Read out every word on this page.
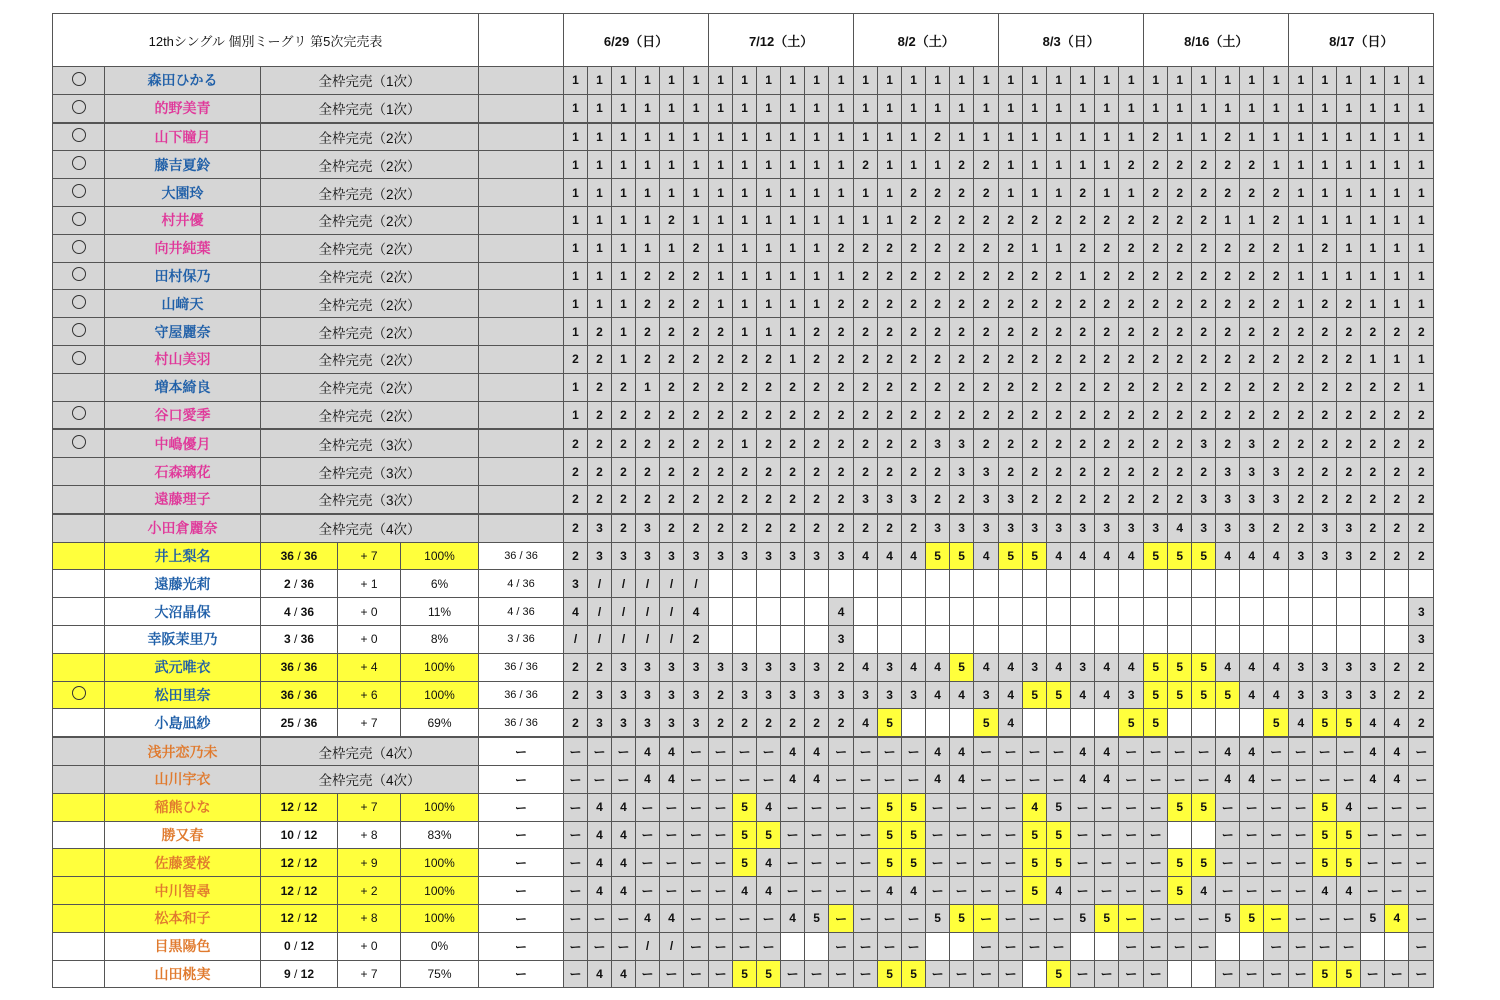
12thシングル 個別ミーグリ 第5次完売表						6/29（日）						7/12（土）						8/2（土）						8/3（日）						8/16（土）						8/17（日）						
	森田ひかる	全枠完売（1次）				1	1	1	1	1	1	1	1	1	1	1	1	1	1	1	1	1	1	1	1	1	1	1	1	1	1	1	1	1	1	1	1	1	1	1	1	
	的野美青	全枠完売（1次）				1	1	1	1	1	1	1	1	1	1	1	1	1	1	1	1	1	1	1	1	1	1	1	1	1	1	1	1	1	1	1	1	1	1	1	1	
	山下瞳月	全枠完売（2次）				1	1	1	1	1	1	1	1	1	1	1	1	1	1	1	2	1	1	1	1	1	1	1	1	2	1	1	2	1	1	1	1	1	1	1	1	
	藤吉夏鈴	全枠完売（2次）				1	1	1	1	1	1	1	1	1	1	1	1	2	1	1	1	2	2	1	1	1	1	1	2	2	2	2	2	2	1	1	1	1	1	1	1	
	大園玲	全枠完売（2次）				1	1	1	1	1	1	1	1	1	1	1	1	1	1	2	2	2	2	1	1	1	2	1	1	2	2	2	2	2	2	1	1	1	1	1	1	
	村井優	全枠完売（2次）				1	1	1	1	2	1	1	1	1	1	1	1	1	1	2	2	2	2	2	2	2	2	2	2	2	2	2	1	1	2	1	1	1	1	1	1	
	向井純葉	全枠完売（2次）				1	1	1	1	1	2	1	1	1	1	1	2	2	2	2	2	2	2	2	1	1	2	2	2	2	2	2	2	2	2	1	2	1	1	1	1	
	田村保乃	全枠完売（2次）				1	1	1	2	2	2	1	1	1	1	1	1	2	2	2	2	2	2	2	2	2	1	2	2	2	2	2	2	2	2	1	1	1	1	1	1	
	山﨑天	全枠完売（2次）				1	1	1	2	2	2	1	1	1	1	1	2	2	2	2	2	2	2	2	2	2	2	2	2	2	2	2	2	2	2	1	2	2	1	1	1	
	守屋麗奈	全枠完売（2次）				1	2	1	2	2	2	2	1	1	1	2	2	2	2	2	2	2	2	2	2	2	2	2	2	2	2	2	2	2	2	2	2	2	2	2	2	
	村山美羽	全枠完売（2次）				2	2	1	2	2	2	2	2	2	1	2	2	2	2	2	2	2	2	2	2	2	2	2	2	2	2	2	2	2	2	2	2	2	1	1	1	
	増本綺良	全枠完売（2次）				1	2	2	1	2	2	2	2	2	2	2	2	2	2	2	2	2	2	2	2	2	2	2	2	2	2	2	2	2	2	2	2	2	2	2	1	
	谷口愛季	全枠完売（2次）				1	2	2	2	2	2	2	2	2	2	2	2	2	2	2	2	2	2	2	2	2	2	2	2	2	2	2	2	2	2	2	2	2	2	2	2	
	中嶋優月	全枠完売（3次）				2	2	2	2	2	2	2	1	2	2	2	2	2	2	2	3	3	2	2	2	2	2	2	2	2	2	3	2	3	2	2	2	2	2	2	2	
	石森璃花	全枠完売（3次）				2	2	2	2	2	2	2	2	2	2	2	2	2	2	2	2	3	3	2	2	2	2	2	2	2	2	2	3	3	3	2	2	2	2	2	2	
	遠藤理子	全枠完売（3次）				2	2	2	2	2	2	2	2	2	2	2	2	3	3	3	2	2	3	3	2	2	2	2	2	2	2	3	3	3	3	2	2	2	2	2	2	
	小田倉麗奈	全枠完売（4次）				2	3	2	3	2	2	2	2	2	2	2	2	2	2	2	3	3	3	3	3	3	3	3	3	3	4	3	3	3	2	2	3	3	2	2	2	
	井上梨名	36 / 36	+ 7	100%	36 / 36	2	3	3	3	3	3	3	3	3	3	3	3	4	4	4	5	5	4	5	5	4	4	4	4	5	5	5	4	4	4	3	3	3	2	2	2	
	遠藤光莉	2 / 36	+ 1	6%	4 / 36	3	/	/	/	/	/																															
	大沼晶保	4 / 36	+ 0	11%	4 / 36	4	/	/	/	/	4						4																								3	
	幸阪茉里乃	3 / 36	+ 0	8%	3 / 36	/	/	/	/	/	2						3																								3	
	武元唯衣	36 / 36	+ 4	100%	36 / 36	2	2	3	3	3	3	3	3	3	3	3	2	4	3	4	4	5	4	4	3	4	3	4	4	5	5	5	4	4	4	3	3	3	3	2	2	
	松田里奈	36 / 36	+ 6	100%	36 / 36	2	3	3	3	3	3	2	3	3	3	3	3	3	3	3	4	4	3	4	5	5	4	4	3	5	5	5	5	4	4	3	3	3	3	2	2	
	小島凪紗	25 / 36	+ 7	69%	36 / 36	2	3	3	3	3	3	2	2	2	2	2	2	4	5				5	4					5	5					5	4	5	5	4	4	2	
	浅井恋乃未	全枠完売（4次）			ー	ー	ー	ー	4	4	ー	ー	ー	ー	4	4	ー	ー	ー	ー	4	4	ー	ー	ー	ー	4	4	ー	ー	ー	ー	4	4	ー	ー	ー	ー	4	4	ー	
	山川宇衣	全枠完売（4次）			ー	ー	ー	ー	4	4	ー	ー	ー	ー	4	4	ー	ー	ー	ー	4	4	ー	ー	ー	ー	4	4	ー	ー	ー	ー	4	4	ー	ー	ー	ー	4	4	ー	
	稲熊ひな	12 / 12	+ 7	100%	ー	ー	4	4	ー	ー	ー	ー	5	4	ー	ー	ー	ー	5	5	ー	ー	ー	ー	4	5	ー	ー	ー	ー	5	5	ー	ー	ー	ー	5	4	ー	ー	ー	
	勝又春	10 / 12	+ 8	83%	ー	ー	4	4	ー	ー	ー	ー	5	5	ー	ー	ー	ー	5	5	ー	ー	ー	ー	5	5	ー	ー	ー	ー			ー	ー	ー	ー	5	5	ー	ー	ー	
	佐藤愛桜	12 / 12	+ 9	100%	ー	ー	4	4	ー	ー	ー	ー	5	4	ー	ー	ー	ー	5	5	ー	ー	ー	ー	5	5	ー	ー	ー	ー	5	5	ー	ー	ー	ー	5	5	ー	ー	ー	
	中川智尋	12 / 12	+ 2	100%	ー	ー	4	4	ー	ー	ー	ー	4	4	ー	ー	ー	ー	4	4	ー	ー	ー	ー	5	4	ー	ー	ー	ー	5	4	ー	ー	ー	ー	4	4	ー	ー	ー	
	松本和子	12 / 12	+ 8	100%	ー	ー	ー	ー	4	4	ー	ー	ー	ー	4	5	ー	ー	ー	ー	5	5	ー	ー	ー	ー	5	5	ー	ー	ー	ー	5	5	ー	ー	ー	ー	5	4	ー	
	目黒陽色	0 / 12	+ 0	0%	ー	ー	ー	ー	/	/	ー	ー	ー	ー			ー	ー	ー	ー			ー	ー	ー	ー			ー	ー	ー	ー			ー	ー	ー	ー			ー	
	山田桃実	9 / 12	+ 7	75%	ー	ー	4	4	ー	ー	ー	ー	5	5	ー	ー	ー	ー	5	5	ー	ー	ー	ー		5	ー	ー	ー	ー			ー	ー	ー	ー	5	5	ー	ー	ー	
